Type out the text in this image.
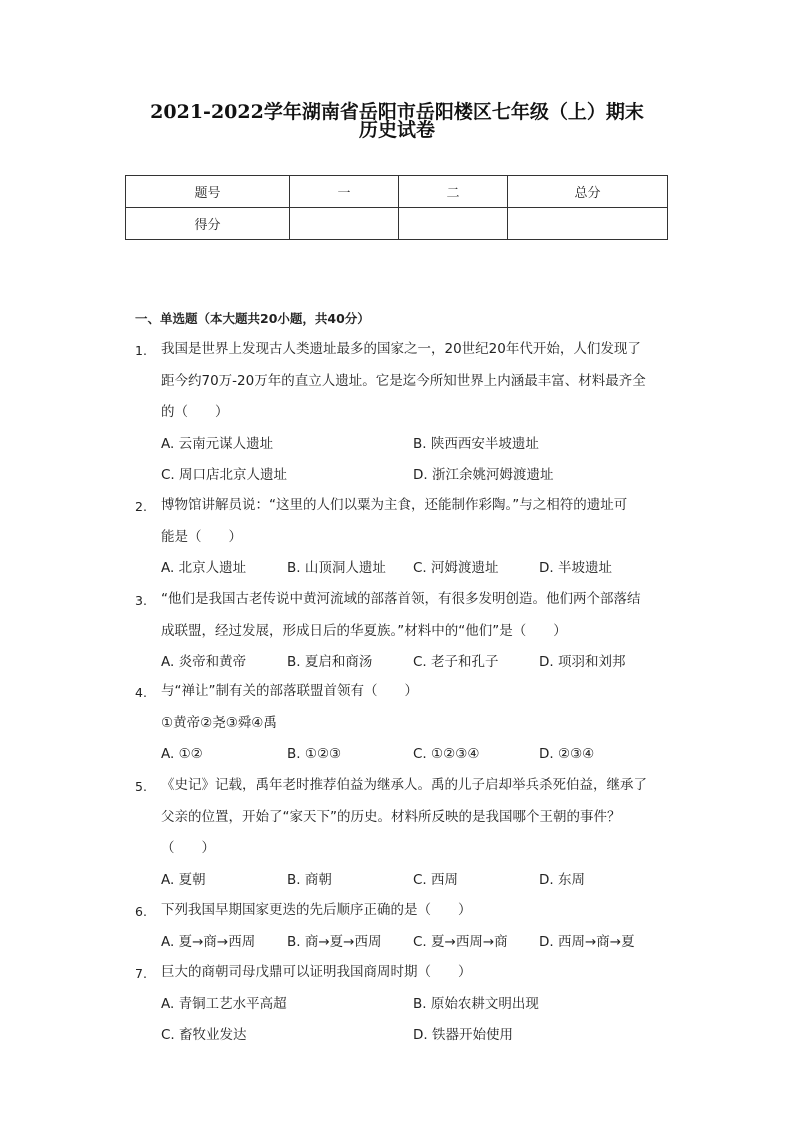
2021-2022学年湖南省岳阳市岳阳楼区七年级（上）期末
历史试卷
题号	一	二	总分
得分			
一、单选题（本大题共20小题，共40分）
1. 我国是世界上发现古人类遗址最多的国家之一，20世纪20年代开始，人们发现了
距今约70万-20万年的直立人遗址。它是迄今所知世界上内涵最丰富、材料最齐全
的（　　）
A. 云南元谋人遗址	B. 陕西西安半坡遗址
C. 周口店北京人遗址	D. 浙江余姚河姆渡遗址
2. 博物馆讲解员说：“这里的人们以粟为主食，还能制作彩陶。”与之相符的遗址可
能是（　　）
A. 北京人遗址	B. 山顶洞人遗址 C. 河姆渡遗址	D. 半坡遗址
3. “他们是我国古老传说中黄河流域的部落首领，有很多发明创造。他们两个部落结
成联盟，经过发展，形成日后的华夏族。”材料中的“他们”是（　　）
A. 炎帝和黄帝	B. 夏启和商汤	C. 老子和孔子	D. 项羽和刘邦
4. 与“禅让”制有关的部落联盟首领有（　　）
①黄帝②尧③舜④禹
A. ①②	B. ①②③	C. ①②③④	D. ②③④
5. 《史记》记载，禹年老时推荐伯益为继承人。禹的儿子启却举兵杀死伯益，继承了
父亲的位置，开始了“家天下”的历史。材料所反映的是我国哪个王朝的事件？
（　　）
A. 夏朝	B. 商朝	C. 西周	D. 东周
6. 下列我国早期国家更迭的先后顺序正确的是（　　）
A. 夏→商→西周 B. 商→夏→西周 C. 夏→西周→商 D. 西周→商→夏
7. 巨大的商朝司母戊鼎可以证明我国商周时期（　　）
A. 青铜工艺水平高超	B. 原始农耕文明出现
C. 畜牧业发达	D. 铁器开始使用
